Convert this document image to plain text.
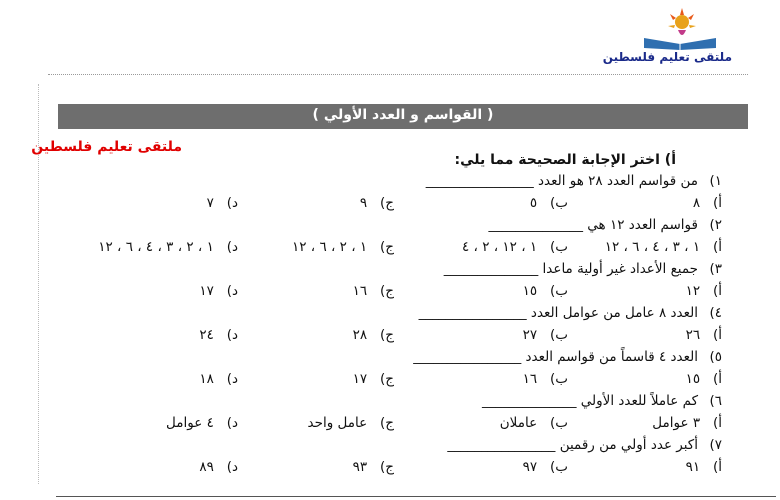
ملتقى تعليم فلسطين
( القواسم و العدد الأولي )
ملتقى تعليم فلسطين
أ) اختر الإجابة الصحيحة مما يلي:
١)
من قواسم العدد ٢٨ هو العدد ________________
أ)   ٨
ب)   ٥
ج)   ٩
د)   ٧
٢)
قواسم العدد ١٢ هي ______________
أ)   ١ ، ٣ ، ٤ ، ٦ ، ١٢
ب)   ١ ، ١٢ ، ٢ ، ٤
ج)   ١ ، ٢ ، ٦ ، ١٢
د)   ١ ، ٢ ، ٣ ، ٤ ، ٦ ، ١٢
٣)
جميع الأعداد غير أولية ماعدا ______________
أ)   ١٢
ب)   ١٥
ج)   ١٦
د)   ١٧
٤)
العدد ٨ عامل من عوامل العدد ________________
أ)   ٢٦
ب)   ٢٧
ج)   ٢٨
د)   ٢٤
٥)
العدد ٤ قاسماً من قواسم العدد ________________
أ)   ١٥
ب)   ١٦
ج)   ١٧
د)   ١٨
٦)
كم عاملاً للعدد الأولي ______________
أ)   ٣ عوامل
ب)   عاملان
ج)   عامل واحد
د)   ٤ عوامل
٧)
أكبر عدد أولي من رقمين ________________
أ)   ٩١
ب)   ٩٧
ج)   ٩٣
د)   ٨٩
